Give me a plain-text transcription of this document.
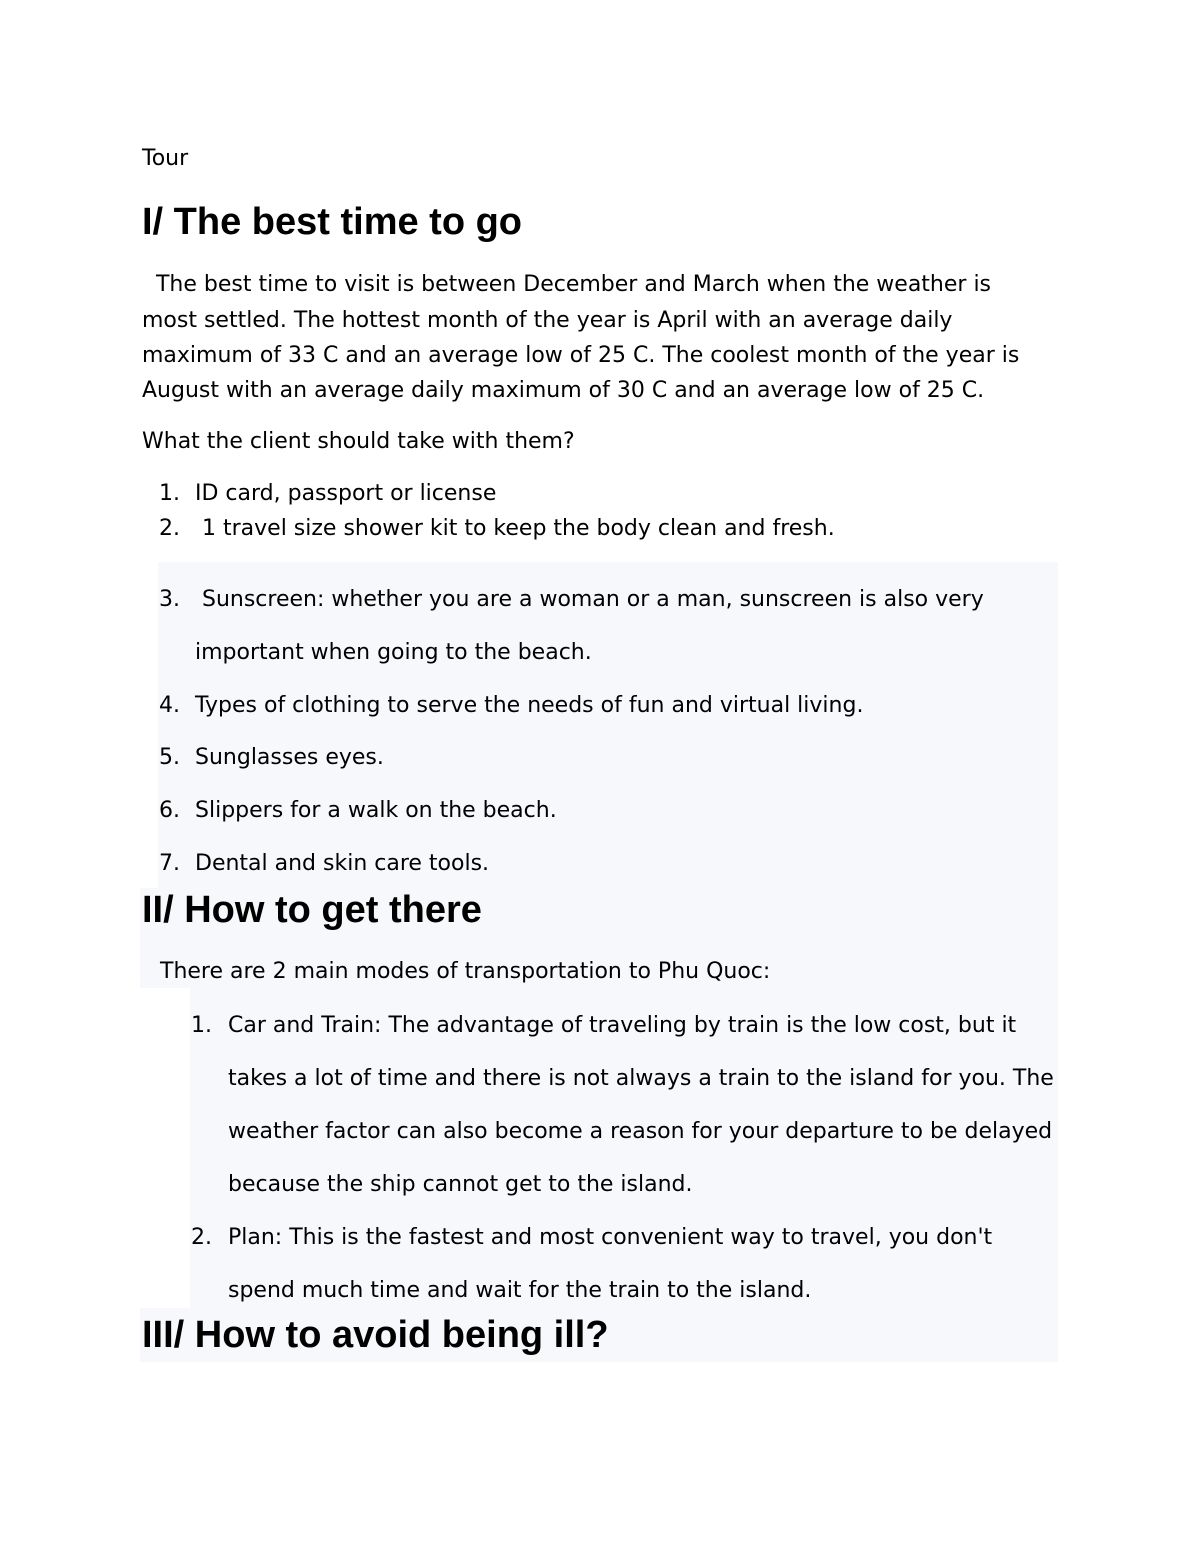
Tour

I/ The best time to go

The best time to visit is between December and March when the weather is

most settled. The hottest month of the year is April with an average daily

maximum of 33 C and an average low of 25 C. The coolest month of the year is

August with an average daily maximum of 30 C and an average low of 25 C.

What the client should take with them?

1. ID card, passport or license
2. 1 travel size shower kit to keep the body clean and fresh.
3. Sunscreen: whether you are a woman or a man, sunscreen is also very
important when going to the beach.
4. Types of clothing to serve the needs of fun and virtual living.
5. Sunglasses eyes.
6. Slippers for a walk on the beach.
7. Dental and skin care tools.
II/ How to get there

There are 2 main modes of transportation to Phu Quoc:

1. Car and Train: The advantage of traveling by train is the low cost, but it
takes a lot of time and there is not always a train to the island for you. The
weather factor can also become a reason for your departure to be delayed
because the ship cannot get to the island.
2. Plan: This is the fastest and most convenient way to travel, you don't
spend much time and wait for the train to the island.
III/ How to avoid being ill?
